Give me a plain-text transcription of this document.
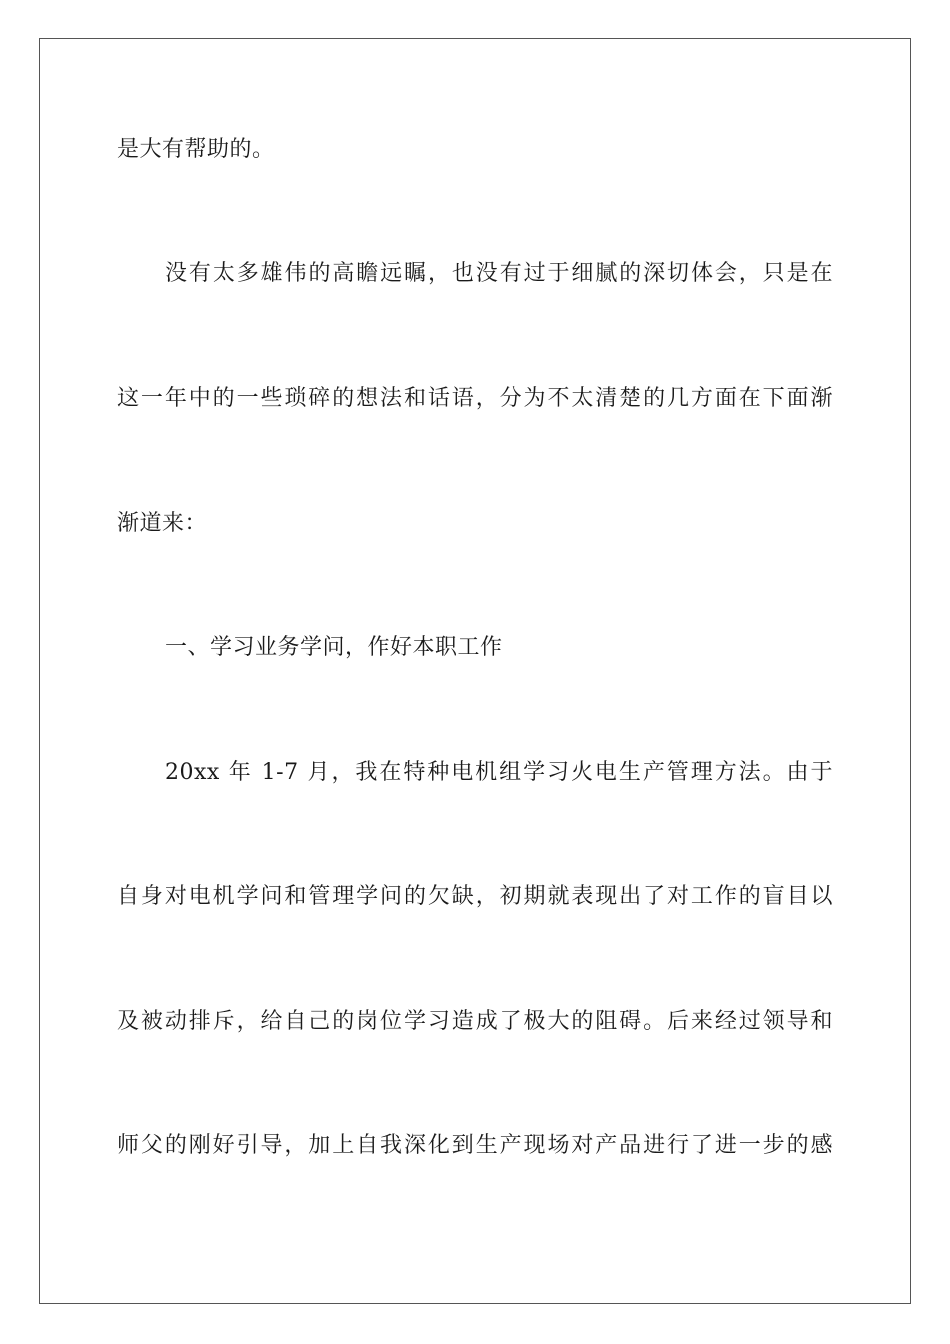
是大有帮助的。
没有太多雄伟的高瞻远瞩，也没有过于细腻的深切体会，只是在
这一年中的一些琐碎的想法和话语，分为不太清楚的几方面在下面渐
渐道来：
一、学习业务学问，作好本职工作
20xx 年 1-7 月，我在特种电机组学习火电生产管理方法。由于
自身对电机学问和管理学问的欠缺，初期就表现出了对工作的盲目以
及被动排斥，给自己的岗位学习造成了极大的阻碍。后来经过领导和
师父的刚好引导，加上自我深化到生产现场对产品进行了进一步的感
